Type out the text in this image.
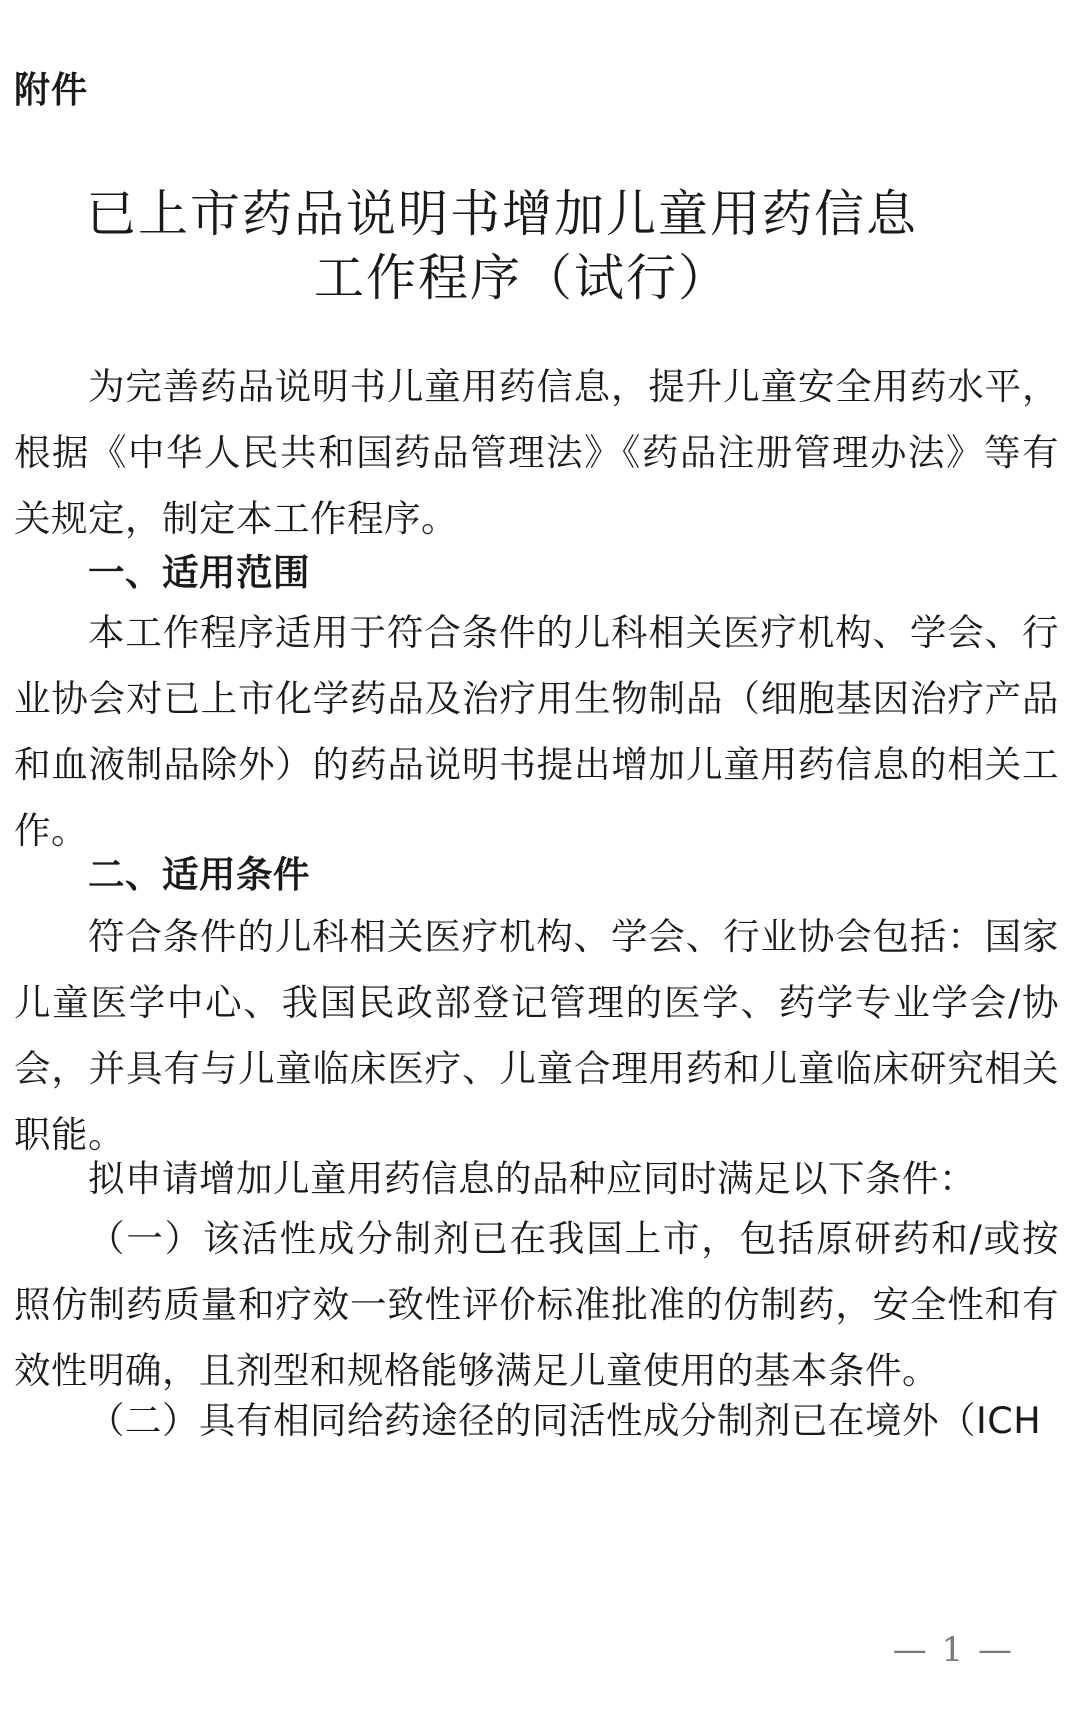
附件
已上市药品说明书增加儿童用药信息
工作程序（试行）

为完善药品说明书儿童用药信息，提升儿童安全用药水平，根据《中华人民共和国药品管理法》《药品注册管理办法》等有关规定，制定本工作程序。

一、适用范围

本工作程序适用于符合条件的儿科相关医疗机构、学会、行业协会对已上市化学药品及治疗用生物制品（细胞基因治疗产品和血液制品除外）的药品说明书提出增加儿童用药信息的相关工作。

二、适用条件

符合条件的儿科相关医疗机构、学会、行业协会包括：国家儿童医学中心、我国民政部登记管理的医学、药学专业学会/协会，并具有与儿童临床医疗、儿童合理用药和儿童临床研究相关职能。

拟申请增加儿童用药信息的品种应同时满足以下条件：

（一）该活性成分制剂已在我国上市，包括原研药和/或按照仿制药质量和疗效一致性评价标准批准的仿制药，安全性和有效性明确，且剂型和规格能够满足儿童使用的基本条件。

（二）具有相同给药途径的同活性成分制剂已在境外（ICH

— 1 —
